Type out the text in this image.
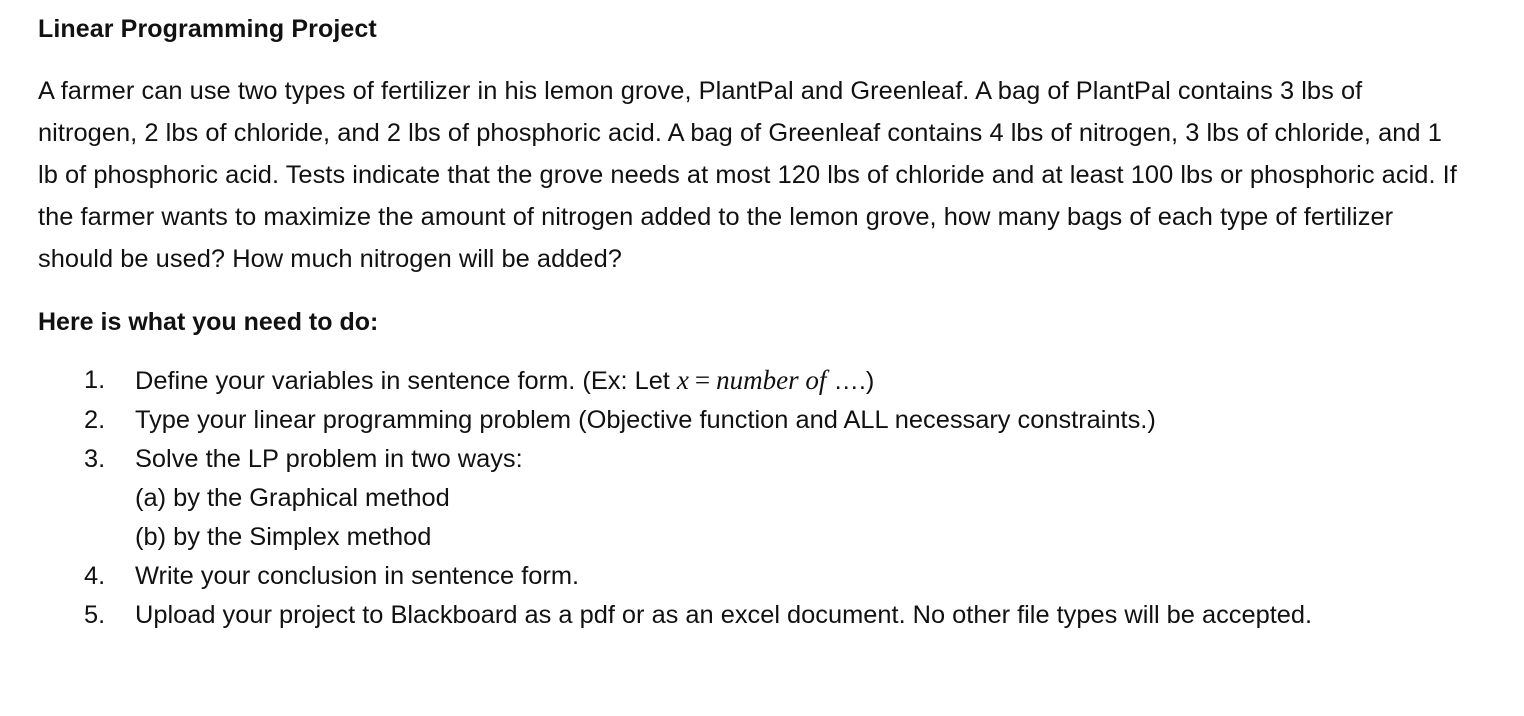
Linear Programming Project

A farmer can use two types of fertilizer in his lemon grove, PlantPal and Greenleaf. A bag of PlantPal contains 3 lbs of nitrogen, 2 lbs of chloride, and 2 lbs of phosphoric acid. A bag of Greenleaf contains 4 lbs of nitrogen, 3 lbs of chloride, and 1 lb of phosphoric acid. Tests indicate that the grove needs at most 120 lbs of chloride and at least 100 lbs or phosphoric acid. If the farmer wants to maximize the amount of nitrogen added to the lemon grove, how many bags of each type of fertilizer should be used? How much nitrogen will be added?

Here is what you need to do:
1. Define your variables in sentence form. (Ex: Let x = number of ….)
2. Type your linear programming problem (Objective function and ALL necessary constraints.)
3. Solve the LP problem in two ways:
(a) by the Graphical method
(b) by the Simplex method
4. Write your conclusion in sentence form.
5. Upload your project to Blackboard as a pdf or as an excel document. No other file types will be accepted.
